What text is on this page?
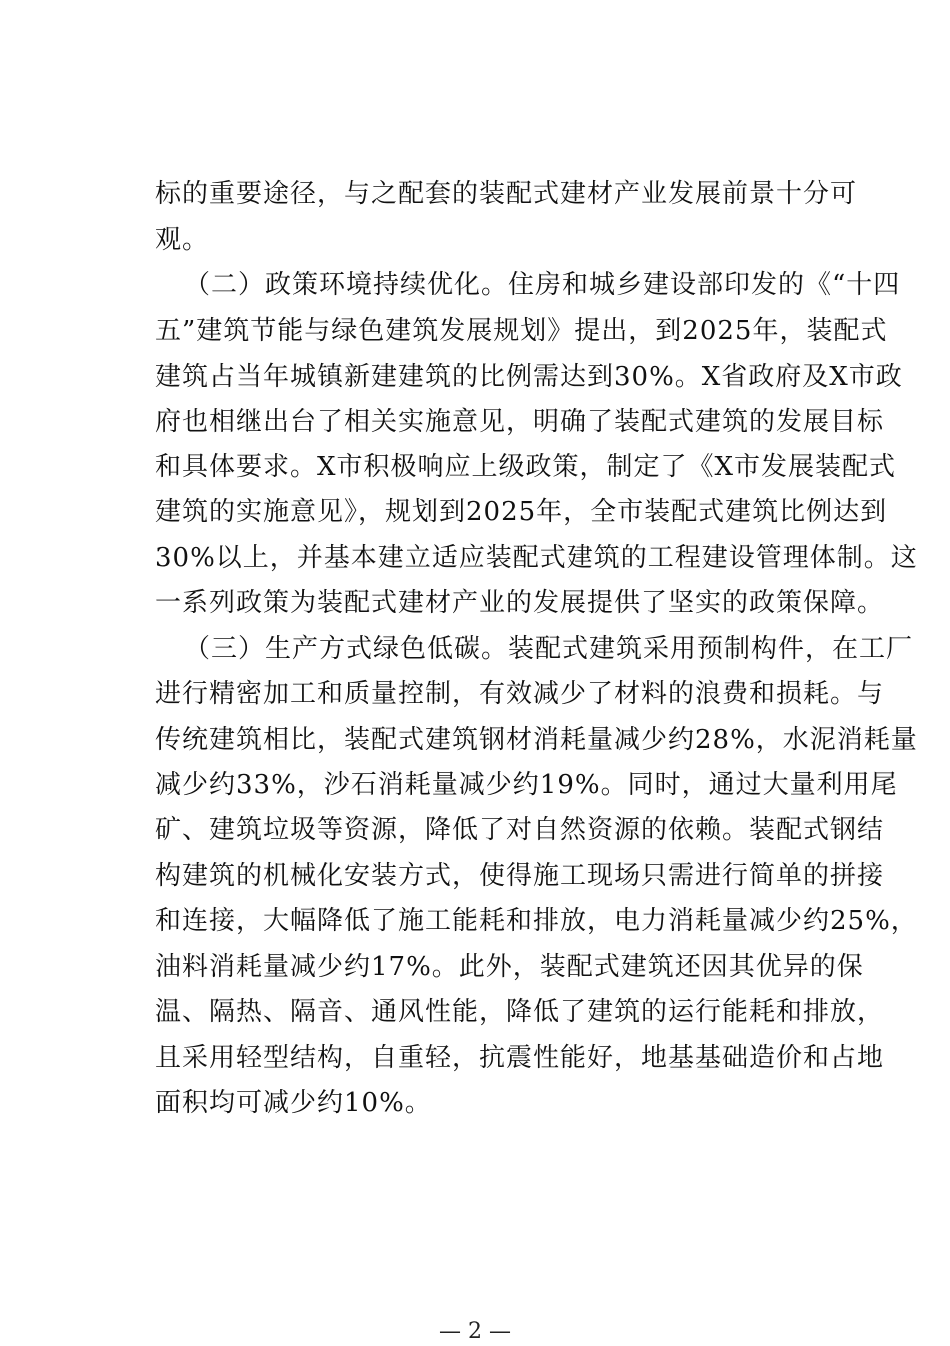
标的重要途径，与之配套的装配式建材产业发展前景十分可
观。
（二）政策环境持续优化。住房和城乡建设部印发的《“十四
五”建筑节能与绿色建筑发展规划》提出，到2025年，装配式
建筑占当年城镇新建建筑的比例需达到30%。X省政府及X市政
府也相继出台了相关实施意见，明确了装配式建筑的发展目标
和具体要求。X市积极响应上级政策，制定了《X市发展装配式
建筑的实施意见》，规划到2025年，全市装配式建筑比例达到
30%以上，并基本建立适应装配式建筑的工程建设管理体制。这
一系列政策为装配式建材产业的发展提供了坚实的政策保障。
（三）生产方式绿色低碳。装配式建筑采用预制构件，在工厂
进行精密加工和质量控制，有效减少了材料的浪费和损耗。与
传统建筑相比，装配式建筑钢材消耗量减少约28%，水泥消耗量
减少约33%，沙石消耗量减少约19%。同时，通过大量利用尾
矿、建筑垃圾等资源，降低了对自然资源的依赖。装配式钢结
构建筑的机械化安装方式，使得施工现场只需进行简单的拼接
和连接，大幅降低了施工能耗和排放，电力消耗量减少约25%，
油料消耗量减少约17%。此外，装配式建筑还因其优异的保
温、隔热、隔音、通风性能，降低了建筑的运行能耗和排放，
且采用轻型结构，自重轻，抗震性能好，地基基础造价和占地
面积均可减少约10%。
— 2 —
